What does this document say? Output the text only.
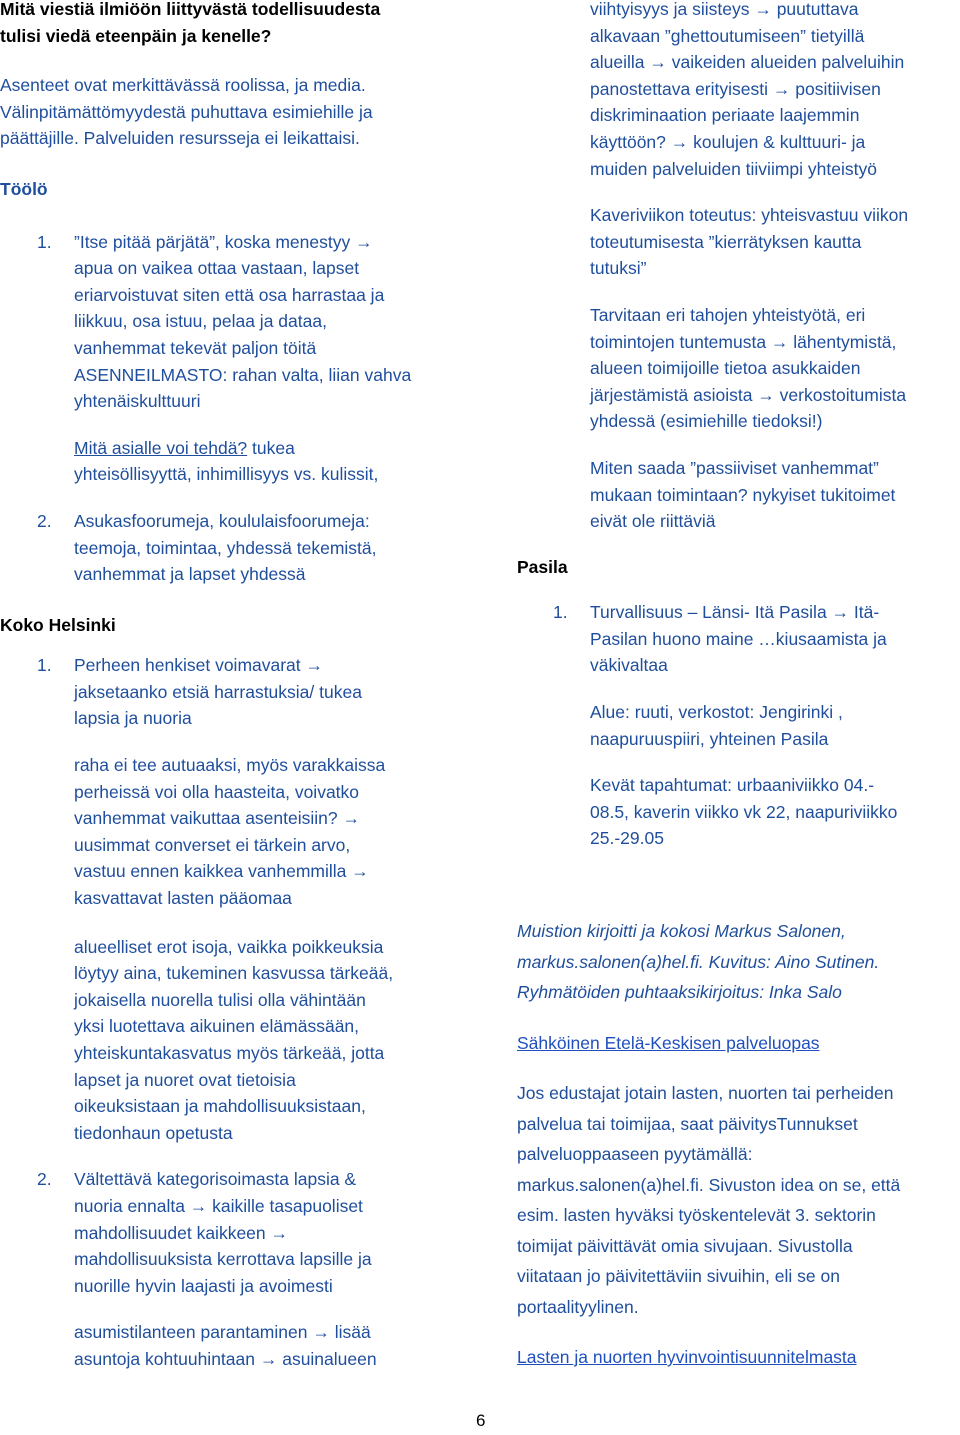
Mitä viestiä ilmiöön liittyvästä todellisuudesta

tulisi viedä eteenpäin ja kenelle?

Asenteet ovat merkittävässä roolissa, ja media.

Välinpitämättömyydestä puhuttava esimiehille ja

päättäjille. Palveluiden resursseja ei leikattaisi.

Töölö

1. ”Itse pitää pärjätä”, koska menestyy →

apua on vaikea ottaa vastaan, lapset

eriarvoistuvat siten että osa harrastaa ja

liikkuu, osa istuu, pelaa ja dataa,

vanhemmat tekevät paljon töitä

ASENNEILMASTO: rahan valta, liian vahva

yhtenäiskulttuuri

Mitä asialle voi tehdä? tukea

yhteisöllisyyttä, inhimillisyys vs. kulissit,

2. Asukasfoorumeja, koululaisfoorumeja:

teemoja, toimintaa, yhdessä tekemistä,

vanhemmat ja lapset yhdessä

Koko Helsinki

1. Perheen henkiset voimavarat →

jaksetaanko etsiä harrastuksia/ tukea

lapsia ja nuoria

raha ei tee autuaaksi, myös varakkaissa

perheissä voi olla haasteita, voivatko

vanhemmat vaikuttaa asenteisiin? →

uusimmat converset ei tärkein arvo,

vastuu ennen kaikkea vanhemmilla →

kasvattavat lasten pääomaa

alueelliset erot isoja, vaikka poikkeuksia

löytyy aina, tukeminen kasvussa tärkeää,

jokaisella nuorella tulisi olla vähintään

yksi luotettava aikuinen elämässään,

yhteiskuntakasvatus myös tärkeää, jotta

lapset ja nuoret ovat tietoisia

oikeuksistaan ja mahdollisuuksistaan,

tiedonhaun opetusta

2. Vältettävä kategorisoimasta lapsia &

nuoria ennalta → kaikille tasapuoliset

mahdollisuudet kaikkeen →

mahdollisuuksista kerrottava lapsille ja

nuorille hyvin laajasti ja avoimesti

asumistilanteen parantaminen → lisää

asuntoja kohtuuhintaan → asuinalueen

viihtyisyys ja siisteys → puututtava

alkavaan ”ghettoutumiseen” tietyillä

alueilla → vaikeiden alueiden palveluihin

panostettava erityisesti → positiivisen

diskriminaation periaate laajemmin

käyttöön? → koulujen & kulttuuri- ja

muiden palveluiden tiiviimpi yhteistyö

Kaveriviikon toteutus: yhteisvastuu viikon

toteutumisesta ”kierrätyksen kautta

tutuksi”

Tarvitaan eri tahojen yhteistyötä, eri

toimintojen tuntemusta → lähentymistä,

alueen toimijoille tietoa asukkaiden

järjestämistä asioista → verkostoitumista

yhdessä (esimiehille tiedoksi!)

Miten saada ”passiiviset vanhemmat”

mukaan toimintaan? nykyiset tukitoimet

eivät ole riittäviä

Pasila

1. Turvallisuus – Länsi- Itä Pasila → Itä-

Pasilan huono maine …kiusaamista ja

väkivaltaa

Alue: ruuti, verkostot: Jengirinki ,

naapuruuspiiri, yhteinen Pasila

Kevät tapahtumat: urbaaniviikko 04.-

08.5, kaverin viikko vk 22, naapuriviikko

25.-29.05

Muistion kirjoitti ja kokosi Markus Salonen,

markus.salonen(a)hel.fi. Kuvitus: Aino Sutinen.

Ryhmätöiden puhtaaksikirjoitus: Inka Salo

Sähköinen Etelä-Keskisen palveluopas

Jos edustajat jotain lasten, nuorten tai perheiden

palvelua tai toimijaa, saat päivitysTunnukset

palveluoppaaseen pyytämällä:

markus.salonen(a)hel.fi. Sivuston idea on se, että

esim. lasten hyväksi työskentelevät 3. sektorin

toimijat päivittävät omia sivujaan. Sivustolla

viitataan jo päivitettäviin sivuihin, eli se on

portaalityylinen.

Lasten ja nuorten hyvinvointisuunnitelmasta

6
